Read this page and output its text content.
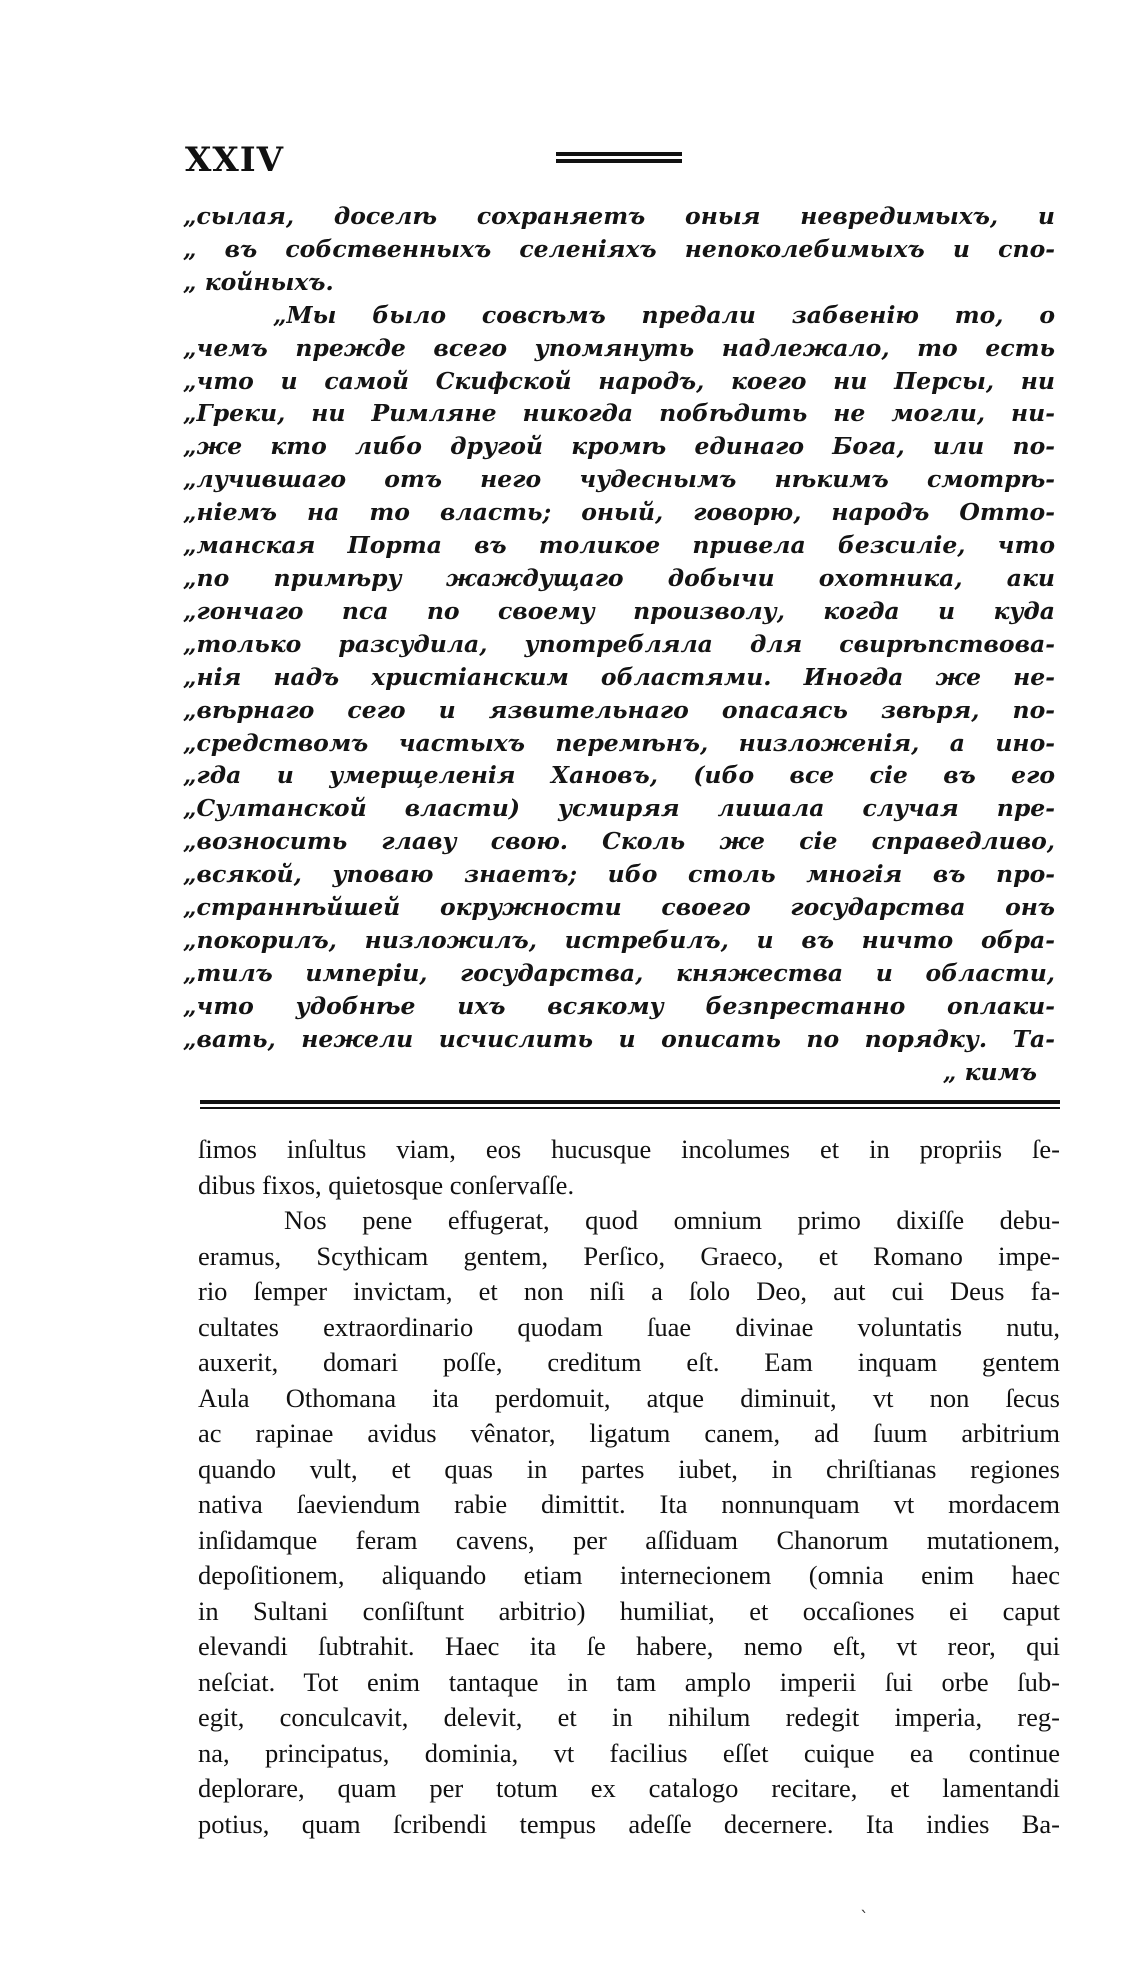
XXIV
„сылая, доселѣ сохраняетъ оныя невредимыхъ, и
„ въ собственныхъ селеніяхъ непоколебимыхъ и спо-
„ койныхъ.
„Мы было совсѣмъ предали забвенію то, о
„чемъ прежде всего упомянуть надлежало, то есть
„что и самой Скифской народъ, коего ни Персы, ни
„Греки, ни Римляне никогда побѣдить не могли, ни-
„же кто либо другой кромѣ единаго Бога, или по-
„лучившаго отъ него чудеснымъ нѣкимъ смотрѣ-
„ніемъ на то власть; оный, говорю, народъ Отто-
„манская Порта въ толикое привела безсиліе, что
„по примѣру жаждущаго добычи охотника, аки
„гончаго пса по своему произволу, когда и куда
„только разсудила, употребляла для свирѣпствова-
„нія надъ христіанским областями. Иногда же не-
„вѣрнаго сего и язвительнаго опасаясь звѣря, по-
„средствомъ частыхъ перемѣнъ, низложенія, а ино-
„гда и умерщеленія Хановъ, (ибо все сіе въ его
„Султанской власти) усмиряя лишала случая пре-
„возносить главу свою. Сколь же сіе справедливо,
„всякой, уповаю знаетъ; ибо столь многія въ про-
„страннѣйшей окружности своего государства онъ
„покорилъ, низложилъ, истребилъ, и въ ничто обра-
„тилъ имперіи, государства, княжества и области,
„что удобнѣе ихъ всякому безпрестанно оплаки-
„вать, нежели исчислить и описать по порядку. Та-
„ кимъ
ſimos inſultus viam, eos hucusque incolumes et in propriis ſe-
dibus fixos, quietosque conſervaſſe.
Nos pene effugerat, quod omnium primo dixiſſe debu-
eramus, Scythicam gentem, Perſico, Graeco, et Romano impe-
rio ſemper invictam, et non niſi a ſolo Deo, aut cui Deus fa-
cultates extraordinario quodam ſuae divinae voluntatis nutu,
auxerit, domari poſſe, creditum eſt. Eam inquam gentem
Aula Othomana ita perdomuit, atque diminuit, vt non ſecus
ac rapinae avidus vênator, ligatum canem, ad ſuum arbitrium
quando vult, et quas in partes iubet, in chriſtianas regiones
nativa ſaeviendum rabie dimittit. Ita nonnunquam vt mordacem
inſidamque feram cavens, per aſſiduam Chanorum mutationem,
depoſitionem, aliquando etiam internecionem (omnia enim haec
in Sultani conſiſtunt arbitrio) humiliat, et occaſiones ei caput
elevandi ſubtrahit. Haec ita ſe habere, nemo eſt, vt reor, qui
neſciat. Tot enim tantaque in tam amplo imperii ſui orbe ſub-
egit, conculcavit, delevit, et in nihilum redegit imperia, reg-
na, principatus, dominia, vt facilius eſſet cuique ea continue
deplorare, quam per totum ex catalogo recitare, et lamentandi
potius, quam ſcribendi tempus adeſſe decernere. Ita indies Ba-
ˋ
